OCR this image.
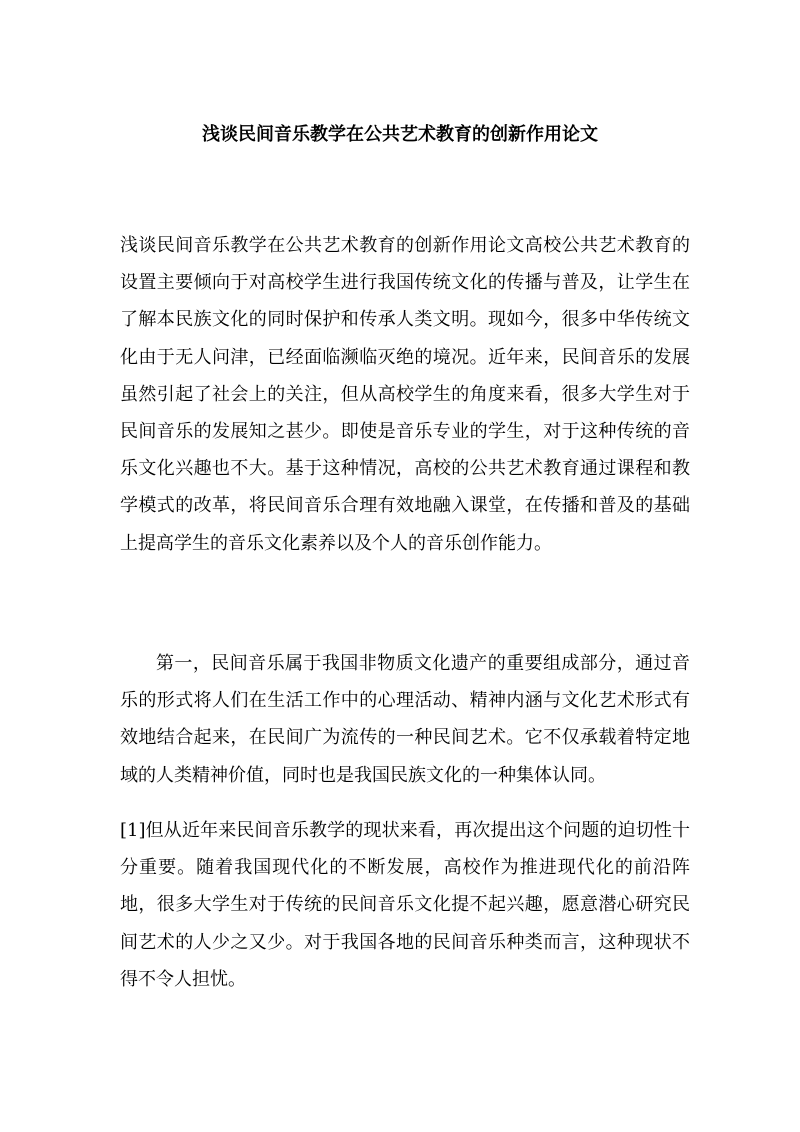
浅谈民间音乐教学在公共艺术教育的创新作用论文

浅谈民间音乐教学在公共艺术教育的创新作用论文高校公共艺术教育的设置主要倾向于对高校学生进行我国传统文化的传播与普及，让学生在了解本民族文化的同时保护和传承人类文明。现如今，很多中华传统文化由于无人问津，已经面临濒临灭绝的境况。近年来，民间音乐的发展虽然引起了社会上的关注，但从高校学生的角度来看，很多大学生对于民间音乐的发展知之甚少。即使是音乐专业的学生，对于这种传统的音乐文化兴趣也不大。基于这种情况，高校的公共艺术教育通过课程和教学模式的改革，将民间音乐合理有效地融入课堂，在传播和普及的基础上提高学生的音乐文化素养以及个人的音乐创作能力。

第一，民间音乐属于我国非物质文化遗产的重要组成部分，通过音乐的形式将人们在生活工作中的心理活动、精神内涵与文化艺术形式有效地结合起来，在民间广为流传的一种民间艺术。它不仅承载着特定地域的人类精神价值，同时也是我国民族文化的一种集体认同。

[1]但从近年来民间音乐教学的现状来看，再次提出这个问题的迫切性十分重要。随着我国现代化的不断发展，高校作为推进现代化的前沿阵地，很多大学生对于传统的民间音乐文化提不起兴趣，愿意潜心研究民间艺术的人少之又少。对于我国各地的民间音乐种类而言，这种现状不得不令人担忧。
